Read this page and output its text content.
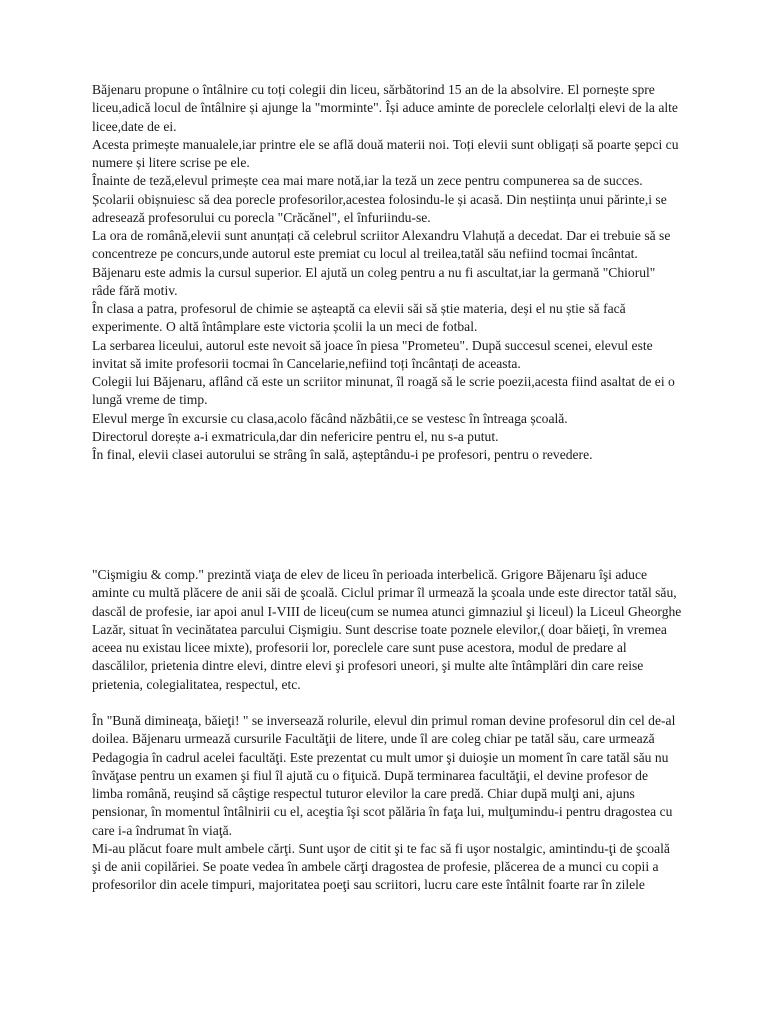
Băjenaru propune o întâlnire cu toți colegii din liceu, sărbătorind 15 an de la absolvire. El pornește spre liceu,adică locul de întâlnire și ajunge la "morminte". Își aduce aminte de poreclele celorlalți elevi de la alte licee,date de ei.

Acesta primește manualele,iar printre ele se află două materii noi. Toți elevii sunt obligați să poarte șepci cu numere și litere scrise pe ele.

Înainte de teză,elevul primește cea mai mare notă,iar la teză un zece pentru compunerea sa de succes.

Școlarii obișnuiesc să dea porecle profesorilor,acestea folosindu-le și acasă. Din neștiința unui părinte,i se adresează profesorului cu porecla "Crăcănel", el înfuriindu-se.

La ora de română,elevii sunt anunțați că celebrul scriitor Alexandru Vlahuță a decedat. Dar ei trebuie să se concentreze pe concurs,unde autorul este premiat cu locul al treilea,tatăl său nefiind tocmai încântat.

Băjenaru este admis la cursul superior. El ajută un coleg pentru a nu fi ascultat,iar la germană "Chiorul" râde fără motiv.

În clasa a patra, profesorul de chimie se așteaptă ca elevii săi să știe materia, deși el nu știe să facă experimente. O altă întâmplare este victoria școlii la un meci de fotbal.

La serbarea liceului, autorul este nevoit să joace în piesa "Prometeu". După succesul scenei, elevul este invitat să imite profesorii tocmai în Cancelarie,nefiind toți încântați de aceasta.

Colegii lui Băjenaru, aflând că este un scriitor minunat, îl roagă să le scrie poezii,acesta fiind asaltat de ei o lungă vreme de timp.

Elevul merge în excursie cu clasa,acolo făcând năzbâtii,ce se vestesc în întreaga școală.

Directorul dorește a-i exmatricula,dar din nefericire pentru el, nu s-a putut.

În final, elevii clasei autorului se strâng în sală, așteptându-i pe profesori, pentru o revedere.

"Cişmigiu & comp." prezintă viaţa de elev de liceu în perioada interbelică. Grigore Băjenaru îşi aduce aminte cu multă plăcere de anii săi de şcoală. Ciclul primar îl urmează la şcoala unde este director tatăl său, dascăl de profesie, iar apoi anul I-VIII de liceu(cum se numea atunci gimnaziul şi liceul) la Liceul Gheorghe Lazăr, situat în vecinătatea parcului Cişmigiu. Sunt descrise toate poznele elevilor,( doar băieţi, în vremea aceea nu existau licee mixte), profesorii lor, poreclele care sunt puse acestora, modul de predare al dascălilor, prietenia dintre elevi, dintre elevi şi profesori uneori, şi multe alte întâmplări din care reise prietenia, colegialitatea, respectul, etc.

În "Bună dimineaţa, băieţi! " se inversează rolurile, elevul din primul roman devine profesorul din cel de-al doilea. Băjenaru urmează cursurile Facultăţii de litere, unde îl are coleg chiar pe tatăl său, care urmează Pedagogia în cadrul acelei facultăţi. Este prezentat cu mult umor şi duioşie un moment în care tatăl său nu învăţase pentru un examen şi fiul îl ajută cu o fiţuică. După terminarea facultăţii, el devine profesor de limba română, reuşind să câştige respectul tuturor elevilor la care predă. Chiar după mulţi ani, ajuns pensionar, în momentul întâlnirii cu el, aceştia îşi scot pălăria în faţa lui, mulţumindu-i pentru dragostea cu care i-a îndrumat în viaţă.

Mi-au plăcut foare mult ambele cărţi. Sunt uşor de citit şi te fac să fi uşor nostalgic, amintindu-ţi de şcoală şi de anii copilăriei. Se poate vedea în ambele cărţi dragostea de profesie, plăcerea de a munci cu copii a profesorilor din acele timpuri, majoritatea poeţi sau scriitori, lucru care este întâlnit foarte rar în zilele
